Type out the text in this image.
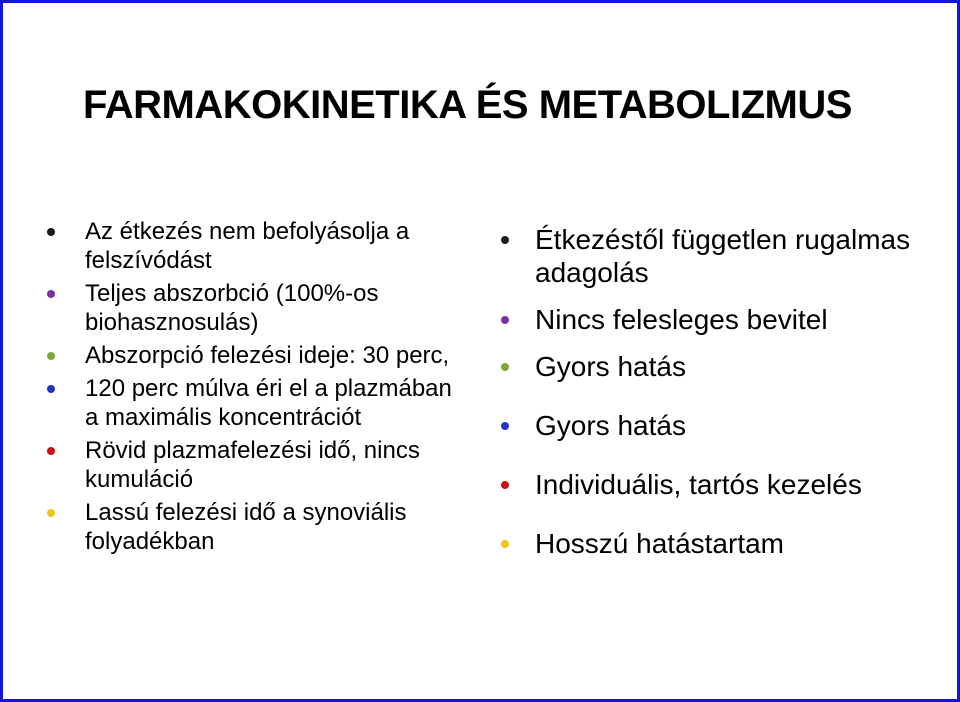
FARMAKOKINETIKA ÉS METABOLIZMUS
Az étkezés nem befolyásolja a felszívódást
Teljes abszorbció (100%-os biohasznosulás)
Abszorpció felezési ideje: 30 perc,
120 perc múlva éri el a plazmában a maximális koncentrációt
Rövid plazmafelezési idő, nincs kumuláció
Lassú felezési idő a synoviális folyadékban
Étkezéstől független rugalmas adagolás
Nincs felesleges bevitel
Gyors hatás
Gyors hatás
Individuális, tartós kezelés
Hosszú hatástartam
